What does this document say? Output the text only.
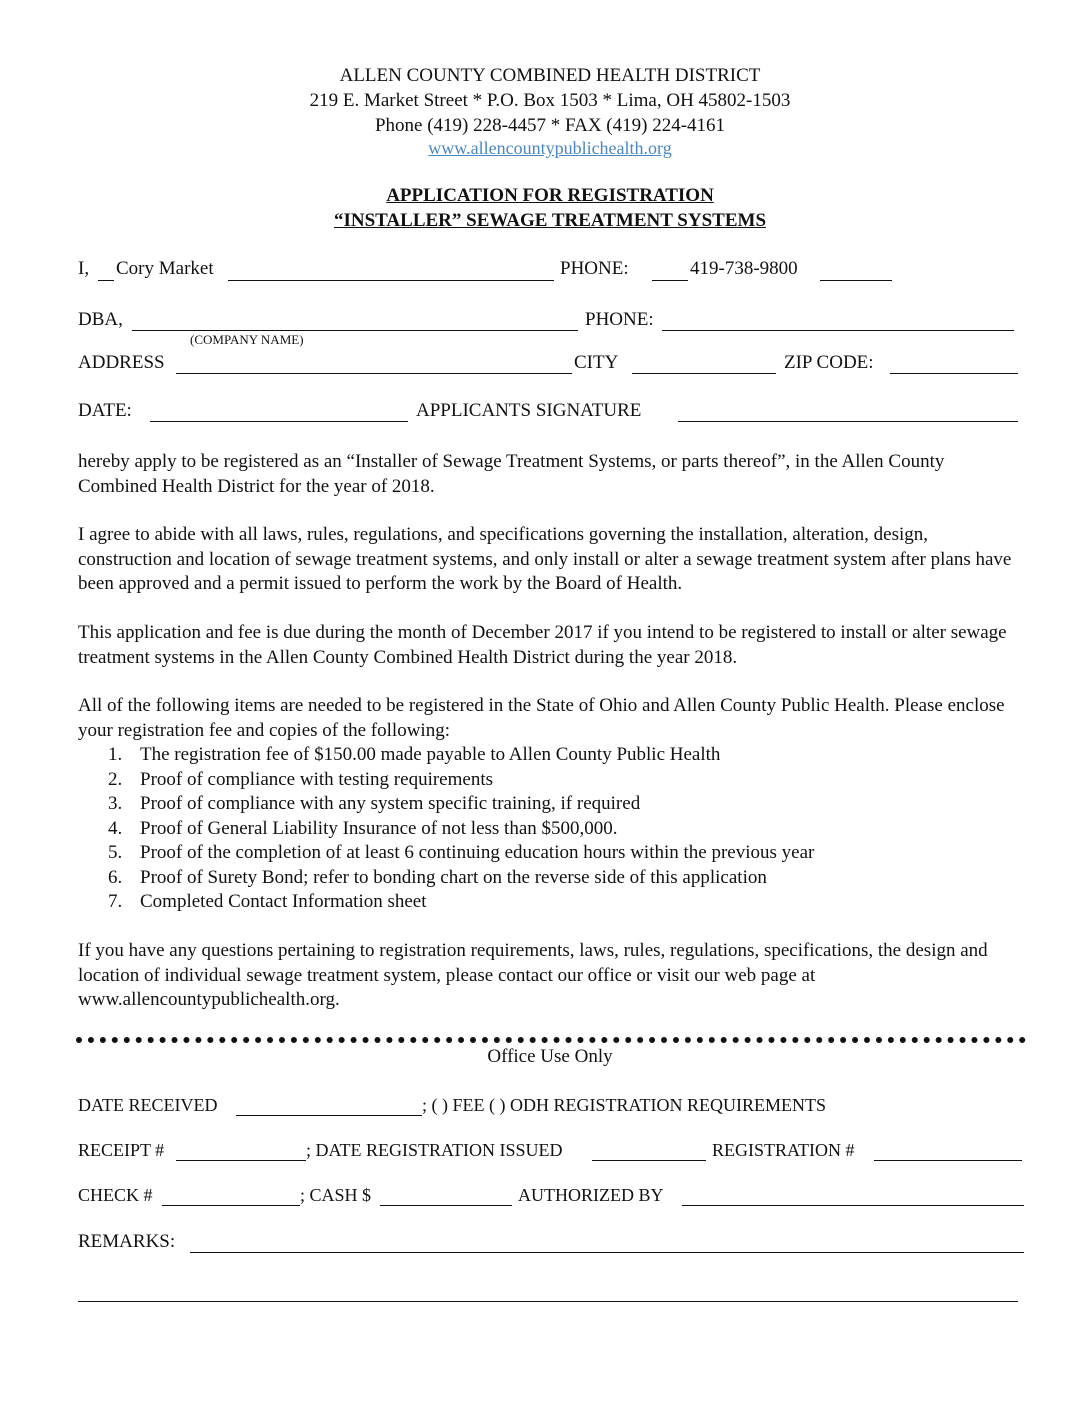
ALLEN COUNTY COMBINED HEALTH DISTRICT
219 E. Market Street * P.O. Box 1503 * Lima, OH 45802-1503
Phone (419) 228-4457 * FAX (419) 224-4161
www.allencountypublichealth.org
APPLICATION FOR REGISTRATION
“INSTALLER” SEWAGE TREATMENT SYSTEMS
I, Cory Market	PHONE:	419-738-9800
DBA,	PHONE:
(COMPANY NAME)
ADDRESS	CITY	ZIP CODE:
DATE:	APPLICANTS SIGNATURE
hereby apply to be registered as an “Installer of Sewage Treatment Systems, or parts thereof”, in the Allen County Combined Health District for the year of 2018.
I agree to abide with all laws, rules, regulations, and specifications governing the installation, alteration, design, construction and location of sewage treatment systems, and only install or alter a sewage treatment system after plans have been approved and a permit issued to perform the work by the Board of Health.
This application and fee is due during the month of December 2017 if you intend to be registered to install or alter sewage treatment systems in the Allen County Combined Health District during the year 2018.
All of the following items are needed to be registered in the State of Ohio and Allen County Public Health. Please enclose your registration fee and copies of the following:
1. The registration fee of $150.00 made payable to Allen County Public Health
2. Proof of compliance with testing requirements
3. Proof of compliance with any system specific training, if required
4. Proof of General Liability Insurance of not less than $500,000.
5. Proof of the completion of at least 6 continuing education hours within the previous year
6. Proof of Surety Bond; refer to bonding chart on the reverse side of this application
7. Completed Contact Information sheet
If you have any questions pertaining to registration requirements, laws, rules, regulations, specifications, the design and location of individual sewage treatment system, please contact our office or visit our web page at www.allencountypublichealth.org.
Office Use Only
DATE RECEIVED	; ( ) FEE ( ) ODH REGISTRATION REQUIREMENTS
RECEIPT #	; DATE REGISTRATION ISSUED	REGISTRATION #
CHECK #	; CASH $	AUTHORIZED BY
REMARKS:
